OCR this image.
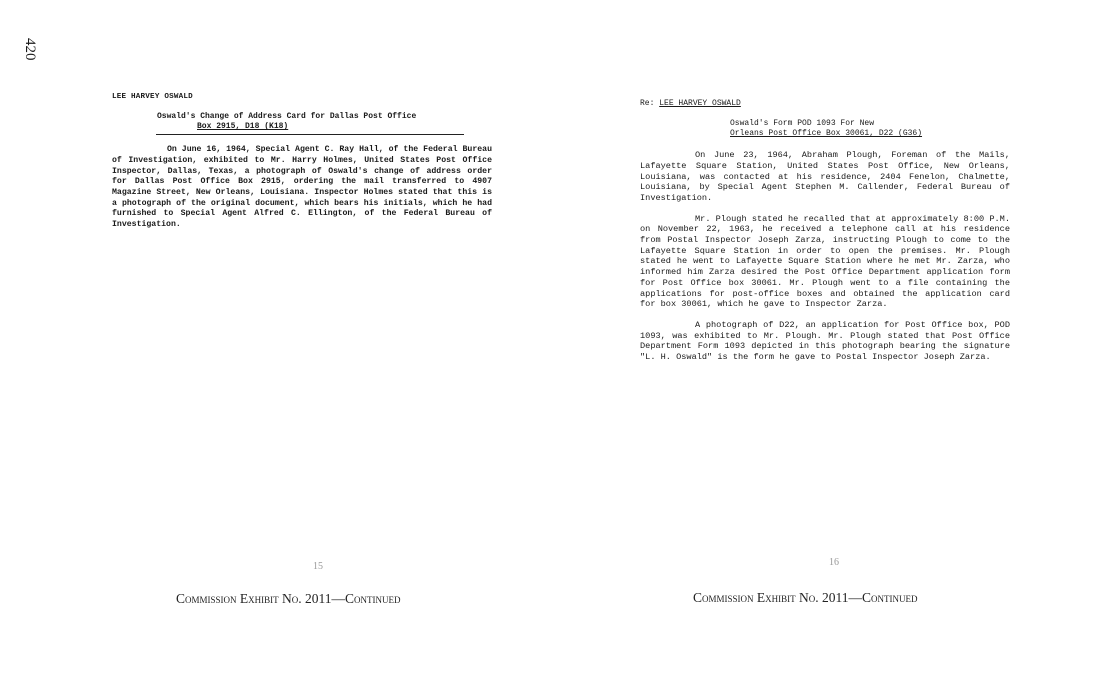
420
LEE HARVEY OSWALD
Oswald's Change of Address Card for Dallas Post Office
Box 2915, D18 (K18)

On June 16, 1964, Special Agent C. Ray Hall, of the Federal Bureau of Investigation, exhibited to Mr. Harry Holmes, United States Post Office Inspector, Dallas, Texas, a photograph of Oswald's change of address order for Dallas Post Office Box 2915, ordering the mail transferred to 4907 Magazine Street, New Orleans, Louisiana. Inspector Holmes stated that this is a photograph of the original document, which bears his initials, which he had furnished to Special Agent Alfred C. Ellington, of the Federal Bureau of Investigation.

Re: LEE HARVEY OSWALD
Oswald's Form POD 1093 For New
Orleans Post Office Box 30061, D22 (G36)

On June 23, 1964, Abraham Plough, Foreman of the Mails, Lafayette Square Station, United States Post Office, New Orleans, Louisiana, was contacted at his residence, 2404 Fenelon, Chalmette, Louisiana, by Special Agent Stephen M. Callender, Federal Bureau of Investigation.

Mr. Plough stated he recalled that at approximately 8:00 P.M. on November 22, 1963, he received a telephone call at his residence from Postal Inspector Joseph Zarza, instructing Plough to come to the Lafayette Square Station in order to open the premises. Mr. Plough stated he went to Lafayette Square Station where he met Mr. Zarza, who informed him Zarza desired the Post Office Department application form for Post Office box 30061. Mr. Plough went to a file containing the applications for post-office boxes and obtained the application card for box 30061, which he gave to Inspector Zarza.

A photograph of D22, an application for Post Office box, POD 1093, was exhibited to Mr. Plough. Mr. Plough stated that Post Office Department Form 1093 depicted in this photograph bearing the signature "L. H. Oswald" is the form he gave to Postal Inspector Joseph Zarza.

15	16
Commission Exhibit No. 2011—Continued	Commission Exhibit No. 2011—Continued
